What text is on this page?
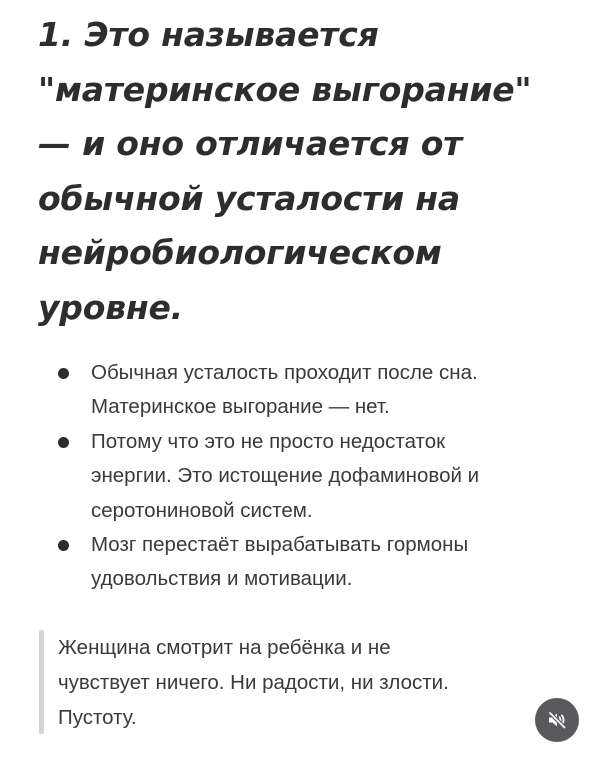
1. Это называется
"материнское выгорание"
— и оно отличается от
обычной усталости на
нейробиологическом
уровне.
Обычная усталость проходит после сна.
Материнское выгорание — нет.
Потому что это не просто недостаток
энергии. Это истощение дофаминовой и
серотониновой систем.
Мозг перестаёт вырабатывать гормоны
удовольствия и мотивации.

Женщина смотрит на ребёнка и не
чувствует ничего. Ни радости, ни злости.
Пустоту.
